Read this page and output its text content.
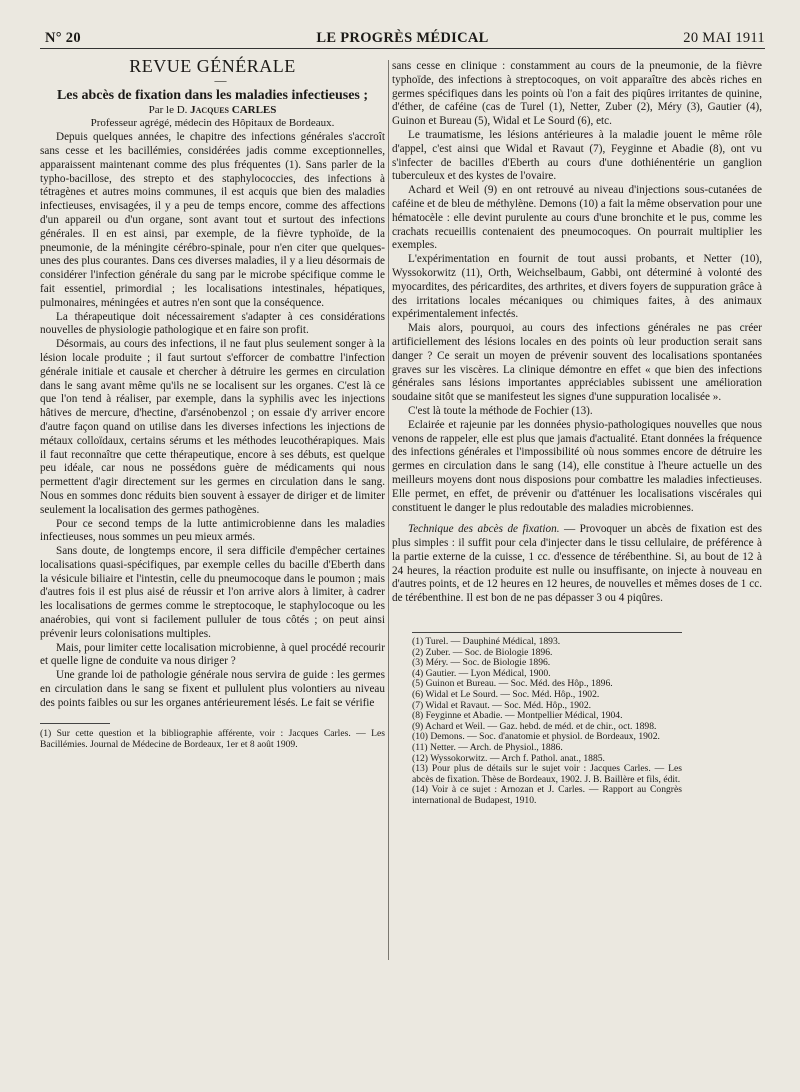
N° 20	LE PROGRÈS MÉDICAL	20 MAI 1911

REVUE GÉNÉRALE

—

Les abcès de fixation dans les maladies infectieuses ;

Par le D. Jacques CARLES

Professeur agrégé, médecin des Hôpitaux de Bordeaux.

Depuis quelques années, le chapitre des infections générales s'accroît sans cesse et les bacillémies, considérées jadis comme exceptionnelles, apparaissent maintenant comme des plus fréquentes (1). Sans parler de la typho-bacillose, des strepto et des staphylococcies, des infections à tétragènes et autres moins communes, il est acquis que bien des maladies infectieuses, envisagées, il y a peu de temps encore, comme des affections d'un appareil ou d'un organe, sont avant tout et surtout des infections générales. Il en est ainsi, par exemple, de la fièvre typhoïde, de la pneumonie, de la méningite cérébro-spinale, pour n'en citer que quelques-unes des plus courantes. Dans ces diverses maladies, il y a lieu désormais de considérer l'infection générale du sang par le microbe spécifique comme le fait essentiel, primordial ; les localisations intestinales, hépatiques, pulmonaires, méningées et autres n'en sont que la conséquence.

La thérapeutique doit nécessairement s'adapter à ces considérations nouvelles de physiologie pathologique et en faire son profit.

Désormais, au cours des infections, il ne faut plus seulement songer à la lésion locale produite ; il faut surtout s'efforcer de combattre l'infection générale initiale et causale et chercher à détruire les germes en circulation dans le sang avant même qu'ils ne se localisent sur les organes. C'est là ce que l'on tend à réaliser, par exemple, dans la syphilis avec les injections hâtives de mercure, d'hectine, d'arsénobenzol ; on essaie d'y arriver encore d'autre façon quand on utilise dans les diverses infections les injections de métaux colloïdaux, certains sérums et les méthodes leucothérapiques. Mais il faut reconnaître que cette thérapeutique, encore à ses débuts, est quelque peu idéale, car nous ne possédons guère de médicaments qui nous permettent d'agir directement sur les germes en circulation dans le sang. Nous en sommes donc réduits bien souvent à essayer de diriger et de limiter seulement la localisation des germes pathogènes.

Pour ce second temps de la lutte antimicrobienne dans les maladies infectieuses, nous sommes un peu mieux armés.

Sans doute, de longtemps encore, il sera difficile d'empêcher certaines localisations quasi-spécifiques, par exemple celles du bacille d'Eberth dans la vésicule biliaire et l'intestin, celle du pneumocoque dans le poumon ; mais d'autres fois il est plus aisé de réussir et l'on arrive alors à limiter, à cadrer les localisations de germes comme le streptocoque, le staphylocoque ou les anaérobies, qui vont si facilement pulluler de tous côtés ; on peut ainsi prévenir leurs colonisations multiples.

Mais, pour limiter cette localisation microbienne, à quel procédé recourir et quelle ligne de conduite va nous diriger ?

Une grande loi de pathologie générale nous servira de guide : les germes en circulation dans le sang se fixent et pullulent plus volontiers au niveau des points faibles ou sur les organes antérieurement lésés. Le fait se vérifie

(1) Sur cette question et la bibliographie afférente, voir : Jacques Carles. — Les Bacillémies. Journal de Médecine de Bordeaux, 1er et 8 août 1909.

sans cesse en clinique : constamment au cours de la pneumonie, de la fièvre typhoïde, des infections à streptocoques, on voit apparaître des abcès riches en germes spécifiques dans les points où l'on a fait des piqûres irritantes de quinine, d'éther, de caféine (cas de Turel (1), Netter, Zuber (2), Méry (3), Gautier (4), Guinon et Bureau (5), Widal et Le Sourd (6), etc.

Le traumatisme, les lésions antérieures à la maladie jouent le même rôle d'appel, c'est ainsi que Widal et Ravaut (7), Feyginne et Abadie (8), ont vu s'infecter de bacilles d'Eberth au cours d'une dothiénentérie un ganglion tuberculeux et des kystes de l'ovaire.

Achard et Weil (9) en ont retrouvé au niveau d'injections sous-cutanées de caféine et de bleu de méthylène. Demons (10) a fait la même observation pour une hématocèle : elle devint purulente au cours d'une bronchite et le pus, comme les crachats recueillis contenaient des pneumocoques. On pourrait multiplier les exemples.

L'expérimentation en fournit de tout aussi probants, et Netter (10), Wyssokorwitz (11), Orth, Weichselbaum, Gabbi, ont déterminé à volonté des myocardites, des péricardites, des arthrites, et divers foyers de suppuration grâce à des irritations locales mécaniques ou chimiques faites, à des animaux expérimentalement infectés.

Mais alors, pourquoi, au cours des infections générales ne pas créer artificiellement des lésions locales en des points où leur production serait sans danger ? Ce serait un moyen de prévenir souvent des localisations spontanées graves sur les viscères. La clinique démontre en effet « que bien des infections générales sans lésions importantes appréciables subissent une amélioration soudaine sitôt que se manifesteut les signes d'une suppuration localisée ».

C'est là toute la méthode de Fochier (13).

Eclairée et rajeunie par les données physio-pathologiques nouvelles que nous venons de rappeler, elle est plus que jamais d'actualité. Etant données la fréquence des infections générales et l'impossibilité où nous sommes encore de détruire les germes en circulation dans le sang (14), elle constitue à l'heure actuelle un des meilleurs moyens dont nous disposions pour combattre les maladies infectieuses. Elle permet, en effet, de prévenir ou d'atténuer les localisations viscérales qui constituent le danger le plus redoutable des maladies microbiennes.

Technique des abcès de fixation. — Provoquer un abcès de fixation est des plus simples : il suffit pour cela d'injecter dans le tissu cellulaire, de préférence à la partie externe de la cuisse, 1 cc. d'essence de térébenthine. Si, au bout de 12 à 24 heures, la réaction produite est nulle ou insuffisante, on injecte à nouveau en d'autres points, et de 12 heures en 12 heures, de nouvelles et mêmes doses de 1 cc. de térébenthine. Il est bon de ne pas dépasser 3 ou 4 piqûres.

(1) Turel. — Dauphiné Médical, 1893.
(2) Zuber. — Soc. de Biologie 1896.
(3) Méry. — Soc. de Biologie 1896.
(4) Gautier. — Lyon Médical, 1900.
(5) Guinon et Bureau. — Soc. Méd. des Hôp., 1896.
(6) Widal et Le Sourd. — Soc. Méd. Hôp., 1902.
(7) Widal et Ravaut. — Soc. Méd. Hôp., 1902.
(8) Feyginne et Abadie. — Montpellier Médical, 1904.
(9) Achard et Weil. — Gaz. hebd. de méd. et de chir., oct. 1898.
(10) Demons. — Soc. d'anatomie et physiol. de Bordeaux, 1902.
(11) Netter. — Arch. de Physiol., 1886.
(12) Wyssokorwitz. — Arch f. Pathol. anat., 1885.
(13) Pour plus de détails sur le sujet voir : Jacques Carles. — Les abcès de fixation. Thèse de Bordeaux, 1902. J. B. Baillère et fils, édit.
(14) Voir à ce sujet : Arnozan et J. Carles. — Rapport au Congrès international de Budapest, 1910.
